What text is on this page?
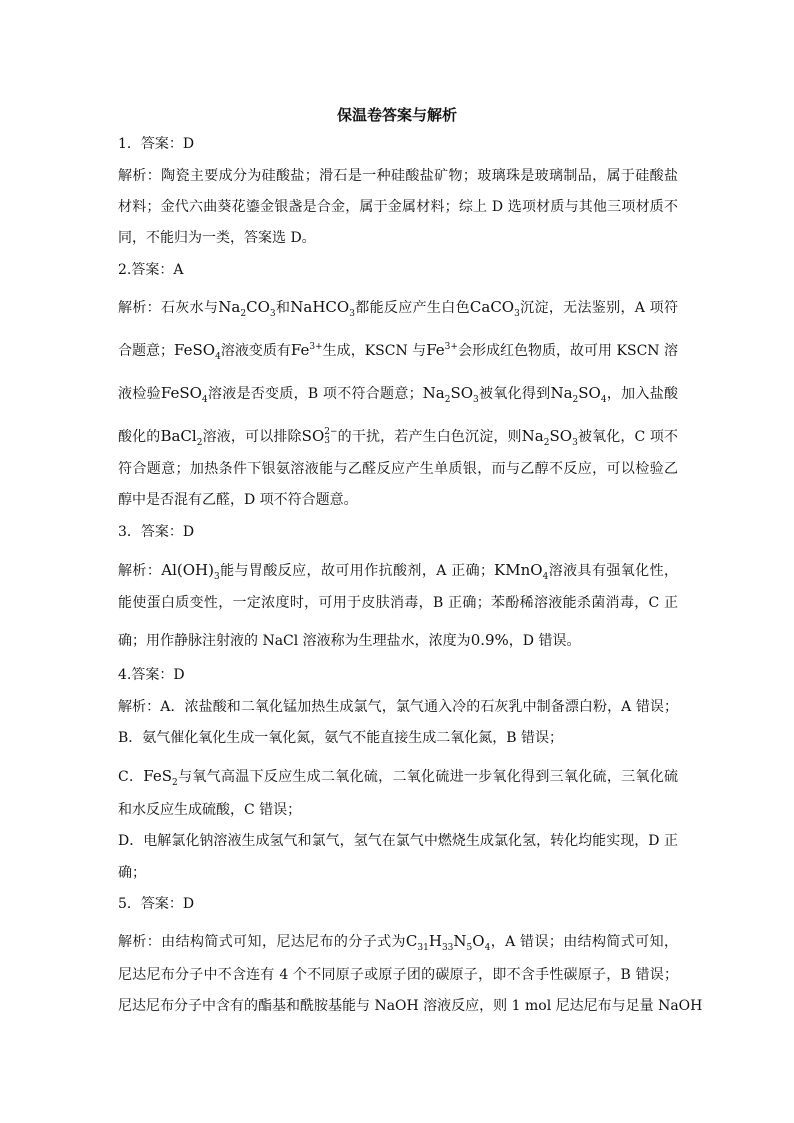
保温卷答案与解析
1．答案：D
解析：陶瓷主要成分为硅酸盐；滑石是一种硅酸盐矿物；玻璃珠是玻璃制品，属于硅酸盐
材料；金代六曲葵花鎏金银盏是合金，属于金属材料；综上 D 选项材质与其他三项材质不
同，不能归为一类，答案选 D。
2.答案：A
解析：石灰水与$Na_2CO_3$和NaHCO$_3$都能反应产生白色CaCO$_3$沉淀，无法鉴别，A 项符
合题意；FeSO$_4$溶液变质有$Fe^{3+}$生成，KSCN 与$Fe^{3+}$会形成红色物质，故可用 KSCN 溶
液检验FeSO$_4$溶液是否变质，B 项不符合题意；$Na_2SO_3$被氧化得到$Na_2SO_4$，加入盐酸
酸化的BaCl$_2$溶液，可以排除SO 2−
3 的干扰，若产生白色沉淀，则$Na_2SO_3$被氧化，C 项不
符合题意；加热条件下银氨溶液能与乙醛反应产生单质银，而与乙醇不反应，可以检验乙
醇中是否混有乙醛，D 项不符合题意。
3．答案：D
解析：$Al(OH)_3$能与胃酸反应，故可用作抗酸剂，A 正确；KMnO$_4$溶液具有强氧化性，
能使蛋白质变性，一定浓度时，可用于皮肤消毒，B 正确；苯酚稀溶液能杀菌消毒，C 正
确；用作静脉注射液的 NaCl 溶液称为生理盐水，浓度为0.9%，D 错误。
4.答案：D
解析：A．浓盐酸和二氧化锰加热生成氯气，氯气通入冷的石灰乳中制备漂白粉，A 错误；
B．氨气催化氧化生成一氧化氮，氨气不能直接生成二氧化氮，B 错误；
C．FeS$_2$与氧气高温下反应生成二氧化硫，二氧化硫进一步氧化得到三氧化硫，三氧化硫
和水反应生成硫酸，C 错误；
D．电解氯化钠溶液生成氢气和氯气，氢气在氯气中燃烧生成氯化氢，转化均能实现，D 正
确；
5．答案：D
解析：由结构简式可知，尼达尼布的分子式为$C_{31}H_{33}N_5O_4$，A 错误；由结构简式可知，
尼达尼布分子中不含连有 4 个不同原子或原子团的碳原子，即不含手性碳原子，B 错误；
尼达尼布分子中含有的酯基和酰胺基能与 NaOH 溶液反应，则 1 mol 尼达尼布与足量 NaOH
